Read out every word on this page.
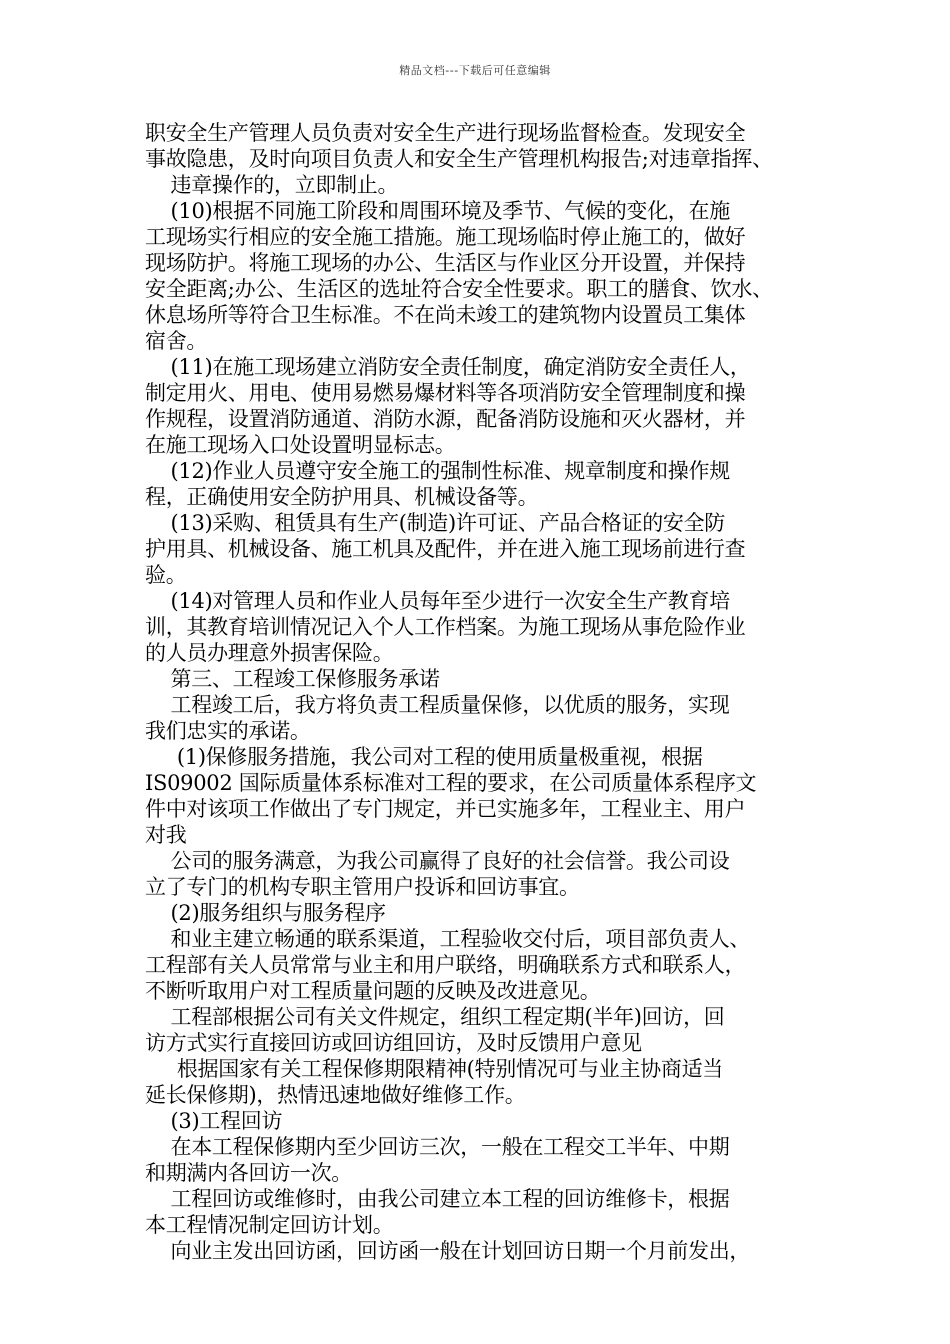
精品文档---下载后可任意编辑
职安全生产管理人员负责对安全生产进行现场监督检查。发现安全
事故隐患，及时向项目负责人和安全生产管理机构报告;对违章指挥、
违章操作的，立即制止。
(10)根据不同施工阶段和周围环境及季节、气候的变化，在施
工现场实行相应的安全施工措施。施工现场临时停止施工的，做好
现场防护。将施工现场的办公、生活区与作业区分开设置，并保持
安全距离;办公、生活区的选址符合安全性要求。职工的膳食、饮水、
休息场所等符合卫生标准。不在尚未竣工的建筑物内设置员工集体
宿舍。
(11)在施工现场建立消防安全责任制度，确定消防安全责任人，
制定用火、用电、使用易燃易爆材料等各项消防安全管理制度和操
作规程，设置消防通道、消防水源，配备消防设施和灭火器材，并
在施工现场入口处设置明显标志。
(12)作业人员遵守安全施工的强制性标准、规章制度和操作规
程，正确使用安全防护用具、机械设备等。
(13)采购、租赁具有生产(制造)许可证、产品合格证的安全防
护用具、机械设备、施工机具及配件，并在进入施工现场前进行查
验。
(14)对管理人员和作业人员每年至少进行一次安全生产教育培
训，其教育培训情况记入个人工作档案。为施工现场从事危险作业
的人员办理意外损害保险。
第三、工程竣工保修服务承诺
工程竣工后，我方将负责工程质量保修，以优质的服务，实现
我们忠实的承诺。
(1)保修服务措施，我公司对工程的使用质量极重视，根据
IS09002 国际质量体系标准对工程的要求，在公司质量体系程序文
件中对该项工作做出了专门规定，并已实施多年，工程业主、用户
对我
公司的服务满意，为我公司赢得了良好的社会信誉。我公司设
立了专门的机构专职主管用户投诉和回访事宜。
(2)服务组织与服务程序
和业主建立畅通的联系渠道，工程验收交付后，项目部负责人、
工程部有关人员常常与业主和用户联络，明确联系方式和联系人，
不断听取用户对工程质量问题的反映及改进意见。
工程部根据公司有关文件规定，组织工程定期(半年)回访，回
访方式实行直接回访或回访组回访，及时反馈用户意见
根据国家有关工程保修期限精神(特别情况可与业主协商适当
延长保修期)，热情迅速地做好维修工作。
(3)工程回访
在本工程保修期内至少回访三次，一般在工程交工半年、中期
和期满内各回访一次。
工程回访或维修时，由我公司建立本工程的回访维修卡，根据
本工程情况制定回访计划。
向业主发出回访函，回访函一般在计划回访日期一个月前发出，
